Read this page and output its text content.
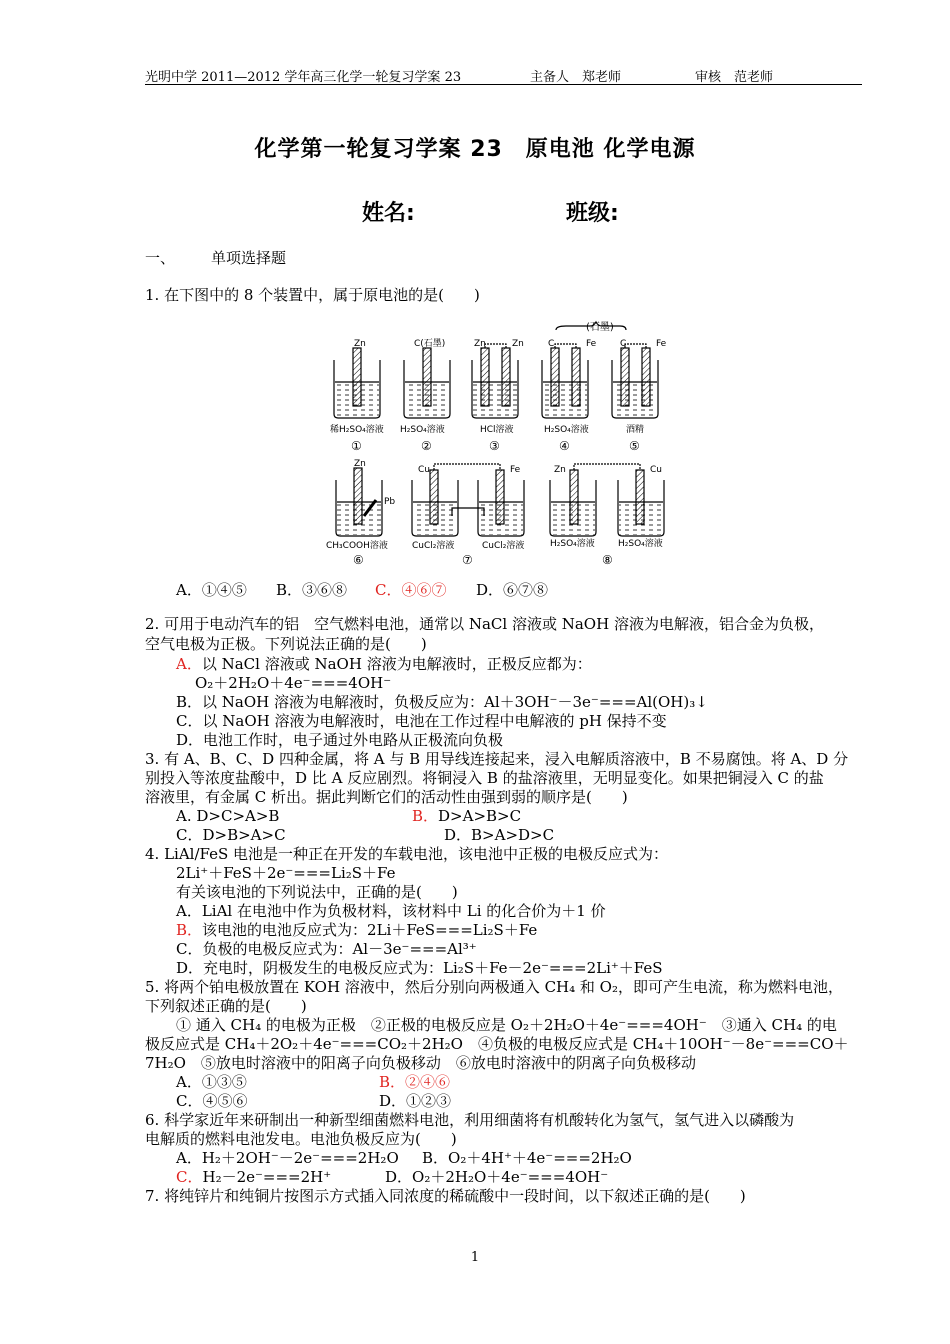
光明中学 2011—2012 学年高三化学一轮复习学案 23	主备人　郑老师	审核　范老师
化学第一轮复习学案 23　原电池 化学电源
姓名:	班级:
一、 单项选择题
1. 在下图中的 8 个装置中，属于原电池的是(　　)
(石墨)
Zn	C(石墨)	Zn	Zn	C	Fe	C	Fe
稀H₂SO₄溶液 H₂SO₄溶液	HCl溶液	H₂SO₄溶液	酒精
①	②	③	④	⑤
Zn
Pb
Cu	Fe	Zn	Cu
CH₃COOH溶液	CuCl₂溶液	CuCl₂溶液	H₂SO₄溶液	H₂SO₄溶液
⑥	⑦	⑧
A．①④⑤ B．③⑥⑧ C．④⑥⑦ D．⑥⑦⑧
2. 可用于电动汽车的铝　空气燃料电池，通常以 NaCl 溶液或 NaOH 溶液为电解液，铝合金为负极，
空气电极为正极。下列说法正确的是(　　)
A．以 NaCl 溶液或 NaOH 溶液为电解液时，正极反应都为：
O₂＋2H₂O＋4e⁻===4OH⁻
B．以 NaOH 溶液为电解液时，负极反应为：Al＋3OH⁻－3e⁻===Al(OH)₃↓
C．以 NaOH 溶液为电解液时，电池在工作过程中电解液的 pH 保持不变
D．电池工作时，电子通过外电路从正极流向负极
3. 有 A、B、C、D 四种金属，将 A 与 B 用导线连接起来，浸入电解质溶液中，B 不易腐蚀。将 A、D 分
别投入等浓度盐酸中，D 比 A 反应剧烈。将铜浸入 B 的盐溶液里，无明显变化。如果把铜浸入 C 的盐
溶液里，有金属 C 析出。据此判断它们的活动性由强到弱的顺序是(　　)
A. D>C>A>B	B．D>A>B>C
C．D>B>A>C	D．B>A>D>C
4. LiAl/FeS 电池是一种正在开发的车载电池，该电池中正极的电极反应式为：
2Li⁺＋FeS＋2e⁻===Li₂S＋Fe
有关该电池的下列说法中，正确的是(　　)
A．LiAl 在电池中作为负极材料，该材料中 Li 的化合价为＋1 价
B．该电池的电池反应式为：2Li＋FeS===Li₂S＋Fe
C．负极的电极反应式为：Al－3e⁻===Al³⁺
D．充电时，阴极发生的电极反应式为：Li₂S＋Fe－2e⁻===2Li⁺＋FeS
5. 将两个铂电极放置在 KOH 溶液中，然后分别向两极通入 CH₄ 和 O₂，即可产生电流，称为燃料电池，
下列叙述正确的是(　　)
① 通入 CH₄ 的电极为正极　②正极的电极反应是 O₂＋2H₂O＋4e⁻===4OH⁻　③通入 CH₄ 的电
极反应式是 CH₄＋2O₂＋4e⁻===CO₂＋2H₂O　④负极的电极反应式是 CH₄＋10OH⁻－8e⁻===CO＋
7H₂O　⑤放电时溶液中的阳离子向负极移动　⑥放电时溶液中的阴离子向负极移动
A．①③⑤	B．②④⑥
C．④⑤⑥	D．①②③
6. 科学家近年来研制出一种新型细菌燃料电池，利用细菌将有机酸转化为氢气，氢气进入以磷酸为
电解质的燃料电池发电。电池负极反应为(　　)
A．H₂＋2OH⁻－2e⁻===2H₂O B．O₂＋4H⁺＋4e⁻===2H₂O
C．H₂－2e⁻===2H⁺	D．O₂＋2H₂O＋4e⁻===4OH⁻
7. 将纯锌片和纯铜片按图示方式插入同浓度的稀硫酸中一段时间，以下叙述正确的是(　　)
1
